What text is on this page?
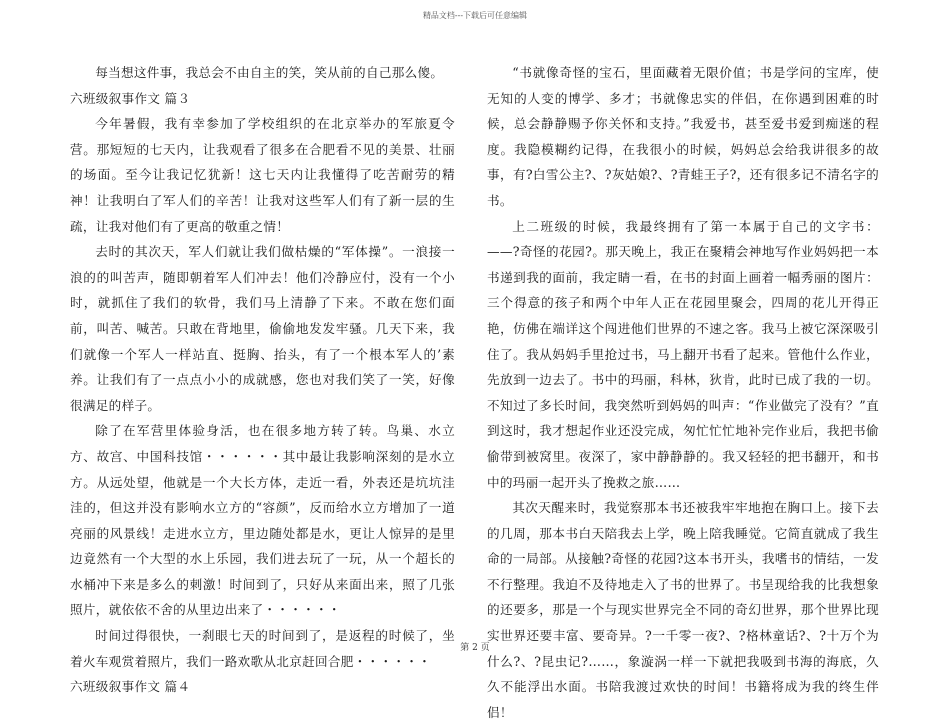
精品文档---下载后可任意编辑

每当想这件事，我总会不由自主的笑，笑从前的自己那么傻。

六班级叙事作文 篇３

今年暑假，我有幸参加了学校组织的在北京举办的军旅夏令营。那短短的七天内，让我观看了很多在合肥看不见的美景、壮丽的场面。至今让我记忆犹新！这七天内让我懂得了吃苦耐劳的精神！让我明白了军人们的辛苦！让我对这些军人们有了新一层的生疏，让我对他们有了更高的敬重之情！

去时的其次天，军人们就让我们做枯燥的“军体操”。一浪接一浪的的叫苦声，随即朝着军人们冲去！他们冷静应付，没有一个小时，就抓住了我们的软骨，我们马上清静了下来。不敢在您们面前，叫苦、喊苦。只敢在背地里，偷偷地发发牢骚。几天下来，我们就像一个军人一样站直、挺胸、抬头，有了一个根本军人的’素养。让我们有了一点点小小的成就感，您也对我们笑了一笑，好像很满足的样子。

除了在军营里体验身活，也在很多地方转了转。鸟巢、水立方、故宫、中国科技馆・・・・・・其中最让我影响深刻的是水立方。从远处望，他就是一个大长方体，走近一看，外表还是坑坑洼洼的，但这并没有影响水立方的“容颜”，反而给水立方增加了一道亮丽的风景线！走进水立方，里边随处都是水，更让人惊异的是里边竟然有一个大型的水上乐园，我们进去玩了一玩，从一个超长的水桶冲下来是多么的刺激！时间到了，只好从来面出来，照了几张照片，就依依不舍的从里边出来了・・・・・・

时间过得很快，一刹眼七天的时间到了，是返程的时候了，坐着火车观赏着照片，我们一路欢歌从北京赶回合肥・・・・・・

六班级叙事作文 篇４

“书就像奇怪的宝石，里面藏着无限价值；书是学问的宝库，使无知的人变的博学、多才；书就像忠实的伴侣，在你遇到困难的时候，总会静静赐予你关怀和支持。”我爱书，甚至爱书爱到痴迷的程度。我隐模糊约记得，在我很小的时候，妈妈总会给我讲很多的故事，有?白雪公主?、?灰姑娘?、?青蛙王子?，还有很多记不清名字的书。

上二班级的时候，我最终拥有了第一本属于自己的文字书：——?奇怪的花园?。那天晚上，我正在聚精会神地写作业妈妈把一本书递到我的面前，我定睛一看，在书的封面上画着一幅秀丽的图片：三个得意的孩子和两个中年人正在花园里聚会，四周的花儿开得正艳，仿佛在端详这个闯进他们世界的不速之客。我马上被它深深吸引住了。我从妈妈手里抢过书，马上翻开书看了起来。管他什么作业，先放到一边去了。书中的玛丽，科林，狄肯，此时已成了我的一切。不知过了多长时间，我突然听到妈妈的叫声：“作业做完了没有？”直到这时，我才想起作业还没完成，匆忙忙忙地补完作业后，我把书偷偷带到被窝里。夜深了，家中静静静的。我又轻轻的把书翻开，和书中的玛丽一起开头了挽救之旅……

其次天醒来时，我觉察那本书还被我牢牢地抱在胸口上。接下去的几周，那本书白天陪我去上学，晚上陪我睡觉。它简直就成了我生命的一局部。从接触?奇怪的花园?这本书开头，我嗜书的情结，一发不行整理。我迫不及待地走入了书的世界了。书呈现给我的比我想象的还要多，那是一个与现实世界完全不同的奇幻世界，那个世界比现实世界还要丰富、要奇异。?一千零一夜?、?格林童话?、?十万个为什么?、?昆虫记?……，象漩涡一样一下就把我吸到书海的海底，久久不能浮出水面。书陪我渡过欢快的时间！书籍将成为我的终生伴侣！

第 2 页
